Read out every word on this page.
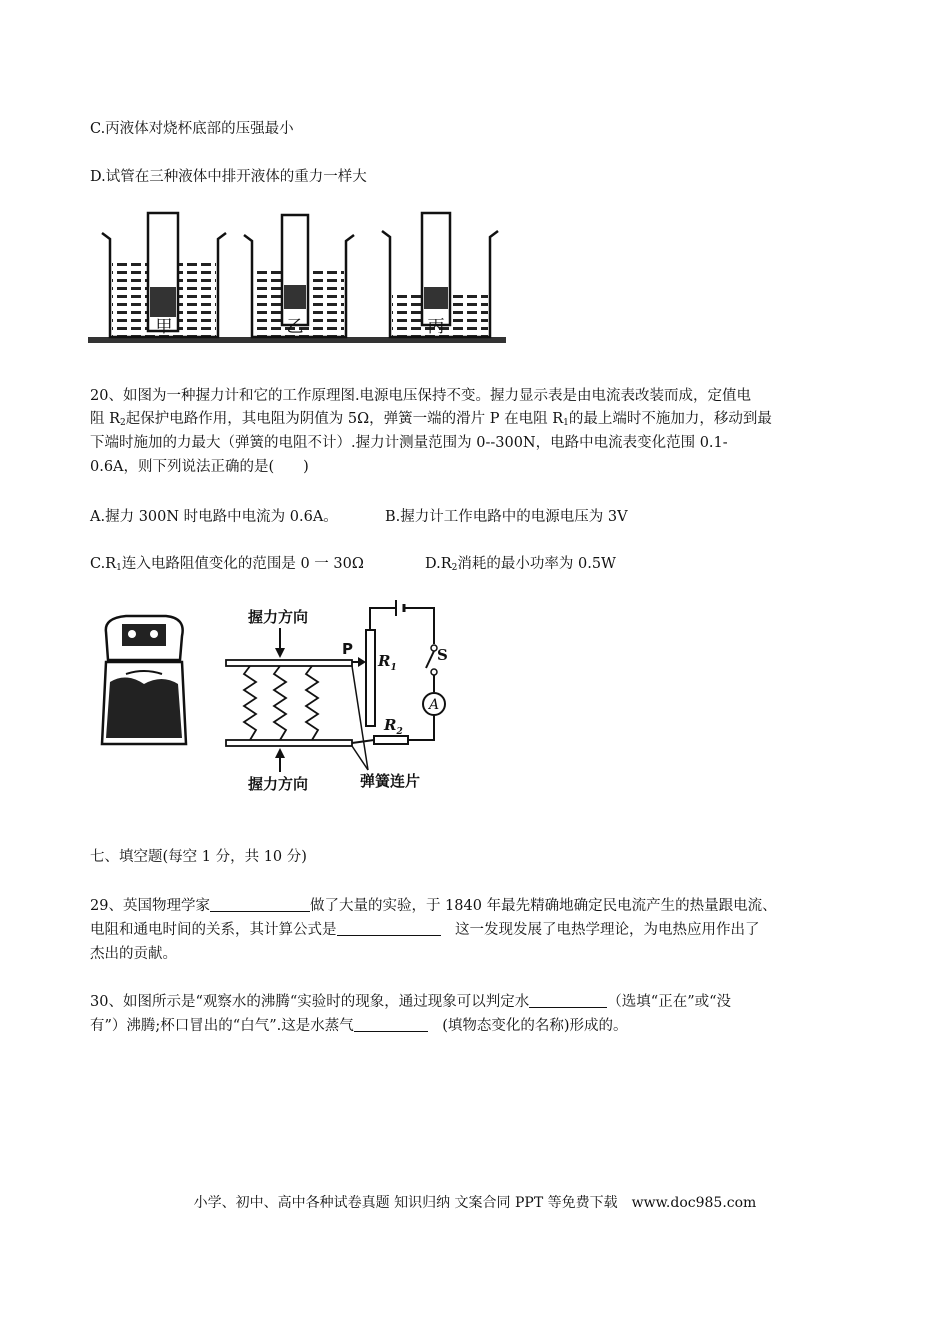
C.丙液体对烧杯底部的压强最小
D.试管在三种液体中排开液体的重力一样大
甲	乙	丙
20、如图为一种握力计和它的工作原理图.电源电压保持不变。握力显示表是由电流表改装而成，定值电
阻 $R_2$起保护电路作用，其电阻为阴值为 5Ω，弹簧一端的滑片 P 在电阻 $R_1$的最上端时不施加力，移动到最
下端时施加的力最大（弹簧的电阻不计）.握力计测量范围为 0--300N，电路中电流表变化范围 0.1-
0.6A，则下列说法正确的是(　　)
A.握力 300N 时电路中电流为 0.6A。	B.握力计工作电路中的电源电压为 3V
$C.R_1$连入电路阻值变化的范围是 0 一 30Ω	$D.R_2$消耗的最小功率为 0.5W
握力方向
P
$R_1$
S
A
$R_2$
握力方向	弹簧连片
七、填空题(每空 1 分，共 10 分)
29、英国物理学家	做了大量的实验，于 1840 年最先精确地确定民电流产生的热量跟电流、
电阻和通电时间的关系，其计算公式是	　这一发现发展了电热学理论，为电热应用作出了
杰出的贡献。
30、如图所示是“观察水的沸腾“实验时的现象，通过现象可以判定水	（选填“正在”或“没
有”）沸腾;杯口冒出的“白气”.这是水蒸气	　(填物态变化的名称)形成的。
小学、初中、高中各种试卷真题 知识归纳 文案合同 PPT 等免费下载　www.doc985.com
